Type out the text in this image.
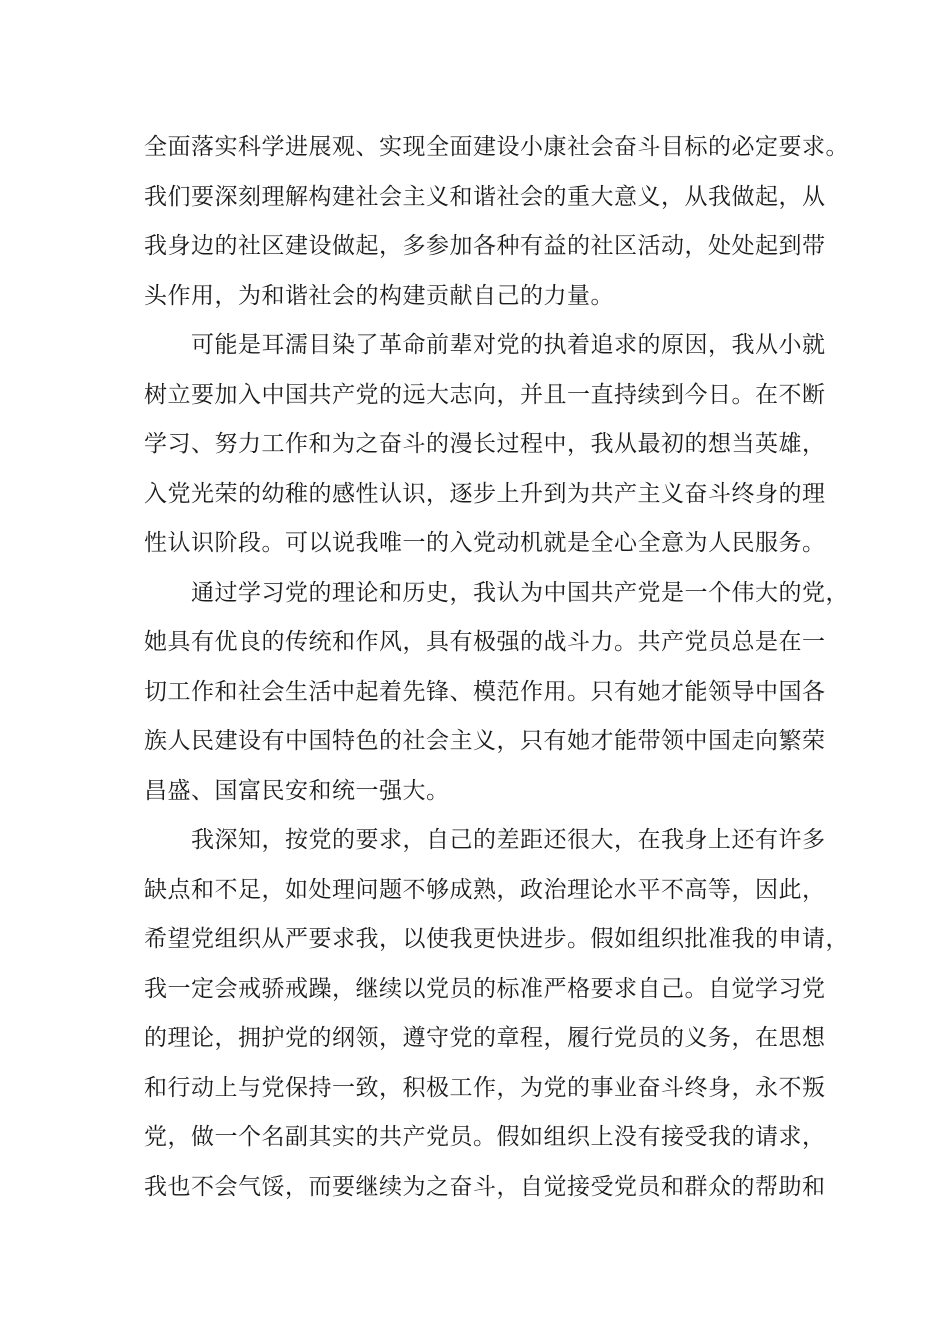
全面落实科学进展观、实现全面建设小康社会奋斗目标的必定要求。
我们要深刻理解构建社会主义和谐社会的重大意义，从我做起，从
我身边的社区建设做起，多参加各种有益的社区活动，处处起到带
头作用，为和谐社会的构建贡献自己的力量。
可能是耳濡目染了革命前辈对党的执着追求的原因，我从小就
树立要加入中国共产党的远大志向，并且一直持续到今日。在不断
学习、努力工作和为之奋斗的漫长过程中，我从最初的想当英雄，
入党光荣的幼稚的感性认识，逐步上升到为共产主义奋斗终身的理
性认识阶段。可以说我唯一的入党动机就是全心全意为人民服务。
通过学习党的理论和历史，我认为中国共产党是一个伟大的党，
她具有优良的传统和作风，具有极强的战斗力。共产党员总是在一
切工作和社会生活中起着先锋、模范作用。只有她才能领导中国各
族人民建设有中国特色的社会主义，只有她才能带领中国走向繁荣
昌盛、国富民安和统一强大。
我深知，按党的要求，自己的差距还很大，在我身上还有许多
缺点和不足，如处理问题不够成熟，政治理论水平不高等，因此，
希望党组织从严要求我，以使我更快进步。假如组织批准我的申请，
我一定会戒骄戒躁，继续以党员的标准严格要求自己。自觉学习党
的理论，拥护党的纲领，遵守党的章程，履行党员的义务，在思想
和行动上与党保持一致，积极工作，为党的事业奋斗终身，永不叛
党，做一个名副其实的共产党员。假如组织上没有接受我的请求，
我也不会气馁，而要继续为之奋斗，自觉接受党员和群众的帮助和
